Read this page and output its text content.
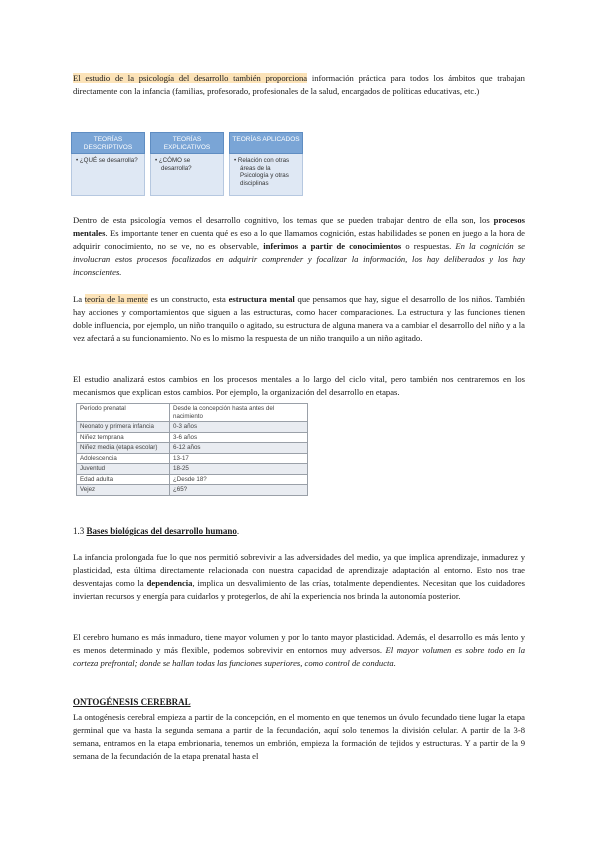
El estudio de la psicología del desarrollo también proporciona información práctica para todos los ámbitos que trabajan directamente con la infancia (familias, profesorado, profesionales de la salud, encargados de políticas educativas, etc.)

TEORÍAS DESCRIPTIVOS
• ¿QUÉ se desarrolla?
TEORÍAS EXPLICATIVOS
• ¿CÓMO se desarrolla?
TEORÍAS APLICADOS
• Relación con otras áreas de la Psicología y otras disciplinas

Dentro de esta psicología vemos el desarrollo cognitivo, los temas que se pueden trabajar dentro de ella son, los procesos mentales. Es importante tener en cuenta qué es eso a lo que llamamos cognición, estas habilidades se ponen en juego a la hora de adquirir conocimiento, no se ve, no es observable, inferimos a partir de conocimientos o respuestas. En la cognición se involucran estos procesos focalizados en adquirir comprender y focalizar la información, los hay deliberados y los hay inconscientes.

La teoría de la mente es un constructo, esta estructura mental que pensamos que hay, sigue el desarrollo de los niños. También hay acciones y comportamientos que siguen a las estructuras, como hacer comparaciones. La estructura y las funciones tienen doble influencia, por ejemplo, un niño tranquilo o agitado, su estructura de alguna manera va a cambiar el desarrollo del niño y a la vez afectará a su funcionamiento. No es lo mismo la respuesta de un niño tranquilo a un niño agitado.

El estudio analizará estos cambios en los procesos mentales a lo largo del ciclo vital, pero también nos centraremos en los mecanismos que explican estos cambios. Por ejemplo, la organización del desarrollo en etapas.

Período prenatal	Desde la concepción hasta antes del nacimiento
Neonato y primera infancia	0-3 años
Niñez temprana	3-6 años
Niñez media (etapa escolar)	6-12 años
Adolescencia	13-17
Juventud	18-25
Edad adulta	¿Desde 18?
Vejez	¿65?

1.3 Bases biológicas del desarrollo humano.

La infancia prolongada fue lo que nos permitió sobrevivir a las adversidades del medio, ya que implica aprendizaje, inmadurez y plasticidad, esta última directamente relacionada con nuestra capacidad de aprendizaje adaptación al entorno. Esto nos trae desventajas como la dependencia, implica un desvalimiento de las crías, totalmente dependientes. Necesitan que los cuidadores inviertan recursos y energía para cuidarlos y protegerlos, de ahí la experiencia nos brinda la autonomía posterior.

El cerebro humano es más inmaduro, tiene mayor volumen y por lo tanto mayor plasticidad. Además, el desarrollo es más lento y es menos determinado y más flexible, podemos sobrevivir en entornos muy adversos. El mayor volumen es sobre todo en la corteza prefrontal; donde se hallan todas las funciones superiores, como control de conducta.

ONTOGÉNESIS CEREBRAL

La ontogénesis cerebral empieza a partir de la concepción, en el momento en que tenemos un óvulo fecundado tiene lugar la etapa germinal que va hasta la segunda semana a partir de la fecundación, aquí solo tenemos la división celular. A partir de la 3-8 semana, entramos en la etapa embrionaria, tenemos un embrión, empieza la formación de tejidos y estructuras. Y a partir de la 9 semana de la fecundación de la etapa prenatal hasta el
